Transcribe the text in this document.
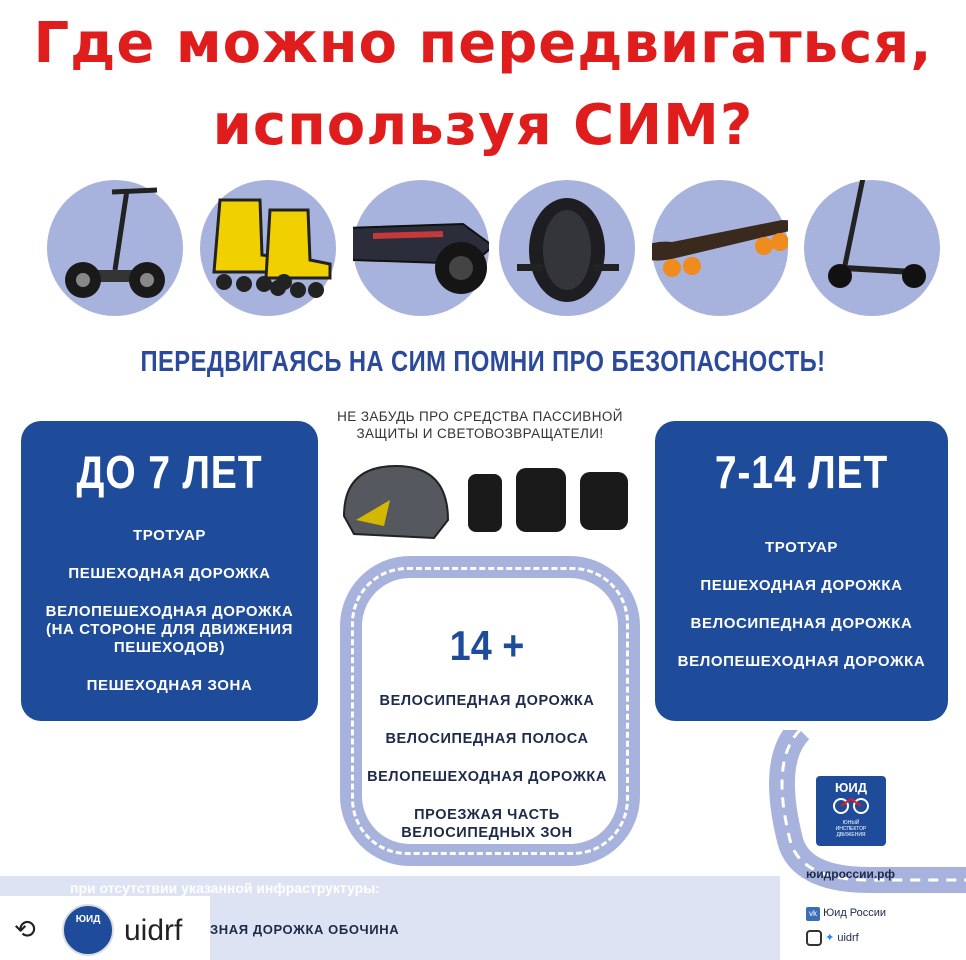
Где можно передвигаться,
используя СИМ?
ПЕРЕДВИГАЯСЬ НА СИМ ПОМНИ ПРО БЕЗОПАСНОСТЬ!
НЕ ЗАБУДЬ ПРО СРЕДСТВА ПАССИВНОЙ
ЗАЩИТЫ И СВЕТОВОЗВРАЩАТЕЛИ!
ДО 7 ЛЕТ
ТРОТУАР
ПЕШЕХОДНАЯ ДОРОЖКА
ВЕЛОПЕШЕХОДНАЯ ДОРОЖКА
(НА СТОРОНЕ ДЛЯ ДВИЖЕНИЯ
ПЕШЕХОДОВ)
ПЕШЕХОДНАЯ ЗОНА
7-14 ЛЕТ
ТРОТУАР
ПЕШЕХОДНАЯ ДОРОЖКА
ВЕЛОСИПЕДНАЯ ДОРОЖКА
ВЕЛОПЕШЕХОДНАЯ ДОРОЖКА
14 +
ВЕЛОСИПЕДНАЯ ДОРОЖКА
ВЕЛОСИПЕДНАЯ ПОЛОСА
ВЕЛОПЕШЕХОДНАЯ ДОРОЖКА
ПРОЕЗЖАЯ ЧАСТЬ
ВЕЛОСИПЕДНЫХ ЗОН
ЮИД
ЮНЫЙ
ИНСПЕКТОР
ДВИЖЕНИЯ
юидроссии.рф
vk Юид России
✦ uidrf
при отсутствии указанной инфраструктуры:
ЗНАЯ ДОРОЖКА ОБОЧИНА
⟲	ЮИД uidrf
